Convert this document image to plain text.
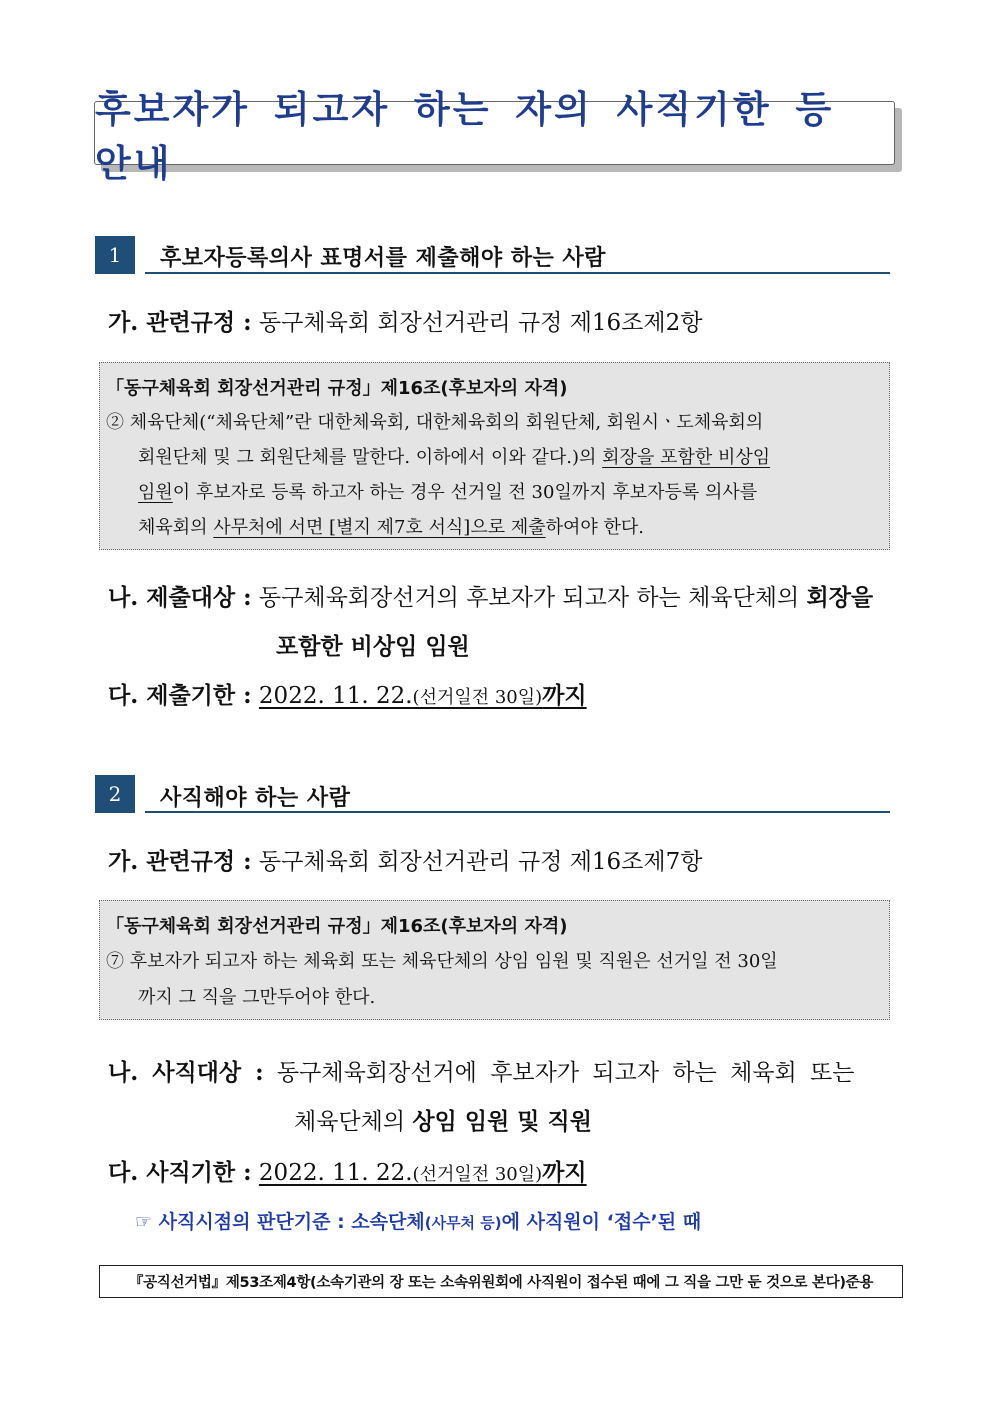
후보자가 되고자 하는 자의 사직기한 등 안내
1 후보자등록의사 표명서를 제출해야 하는 사람
가. 관련규정 : 동구체육회 회장선거관리 규정 제16조제2항
「동구체육회 회장선거관리 규정」제16조(후보자의 자격)
② 체육단체(“체육단체”란 대한체육회, 대한체육회의 회원단체, 회원시ㆍ도체육회의
회원단체 및 그 회원단체를 말한다. 이하에서 이와 같다.)의 회장을 포함한 비상임
임원이 후보자로 등록 하고자 하는 경우 선거일 전 30일까지 후보자등록 의사를
체육회의 사무처에 서면 [별지 제7호 서식]으로 제출하여야 한다.
나. 제출대상 : 동구체육회장선거의 후보자가 되고자 하는 체육단체의 회장을
포함한 비상임 임원
다. 제출기한 : 2022. 11. 22.(선거일전 30일)까지
2 사직해야 하는 사람
가. 관련규정 : 동구체육회 회장선거관리 규정 제16조제7항
「동구체육회 회장선거관리 규정」제16조(후보자의 자격)
⑦ 후보자가 되고자 하는 체육회 또는 체육단체의 상임 임원 및 직원은 선거일 전 30일
까지 그 직을 그만두어야 한다.
나. 사직대상 : 동구체육회장선거에 후보자가 되고자 하는 체육회 또는
체육단체의 상임 임원 및 직원
다. 사직기한 : 2022. 11. 22.(선거일전 30일)까지
☞ 사직시점의 판단기준 : 소속단체(사무처 등)에 사직원이 ‘접수’된 때
『공직선거법』제53조제4항(소속기관의 장 또는 소속위원회에 사직원이 접수된 때에 그 직을 그만 둔 것으로 본다)준용
